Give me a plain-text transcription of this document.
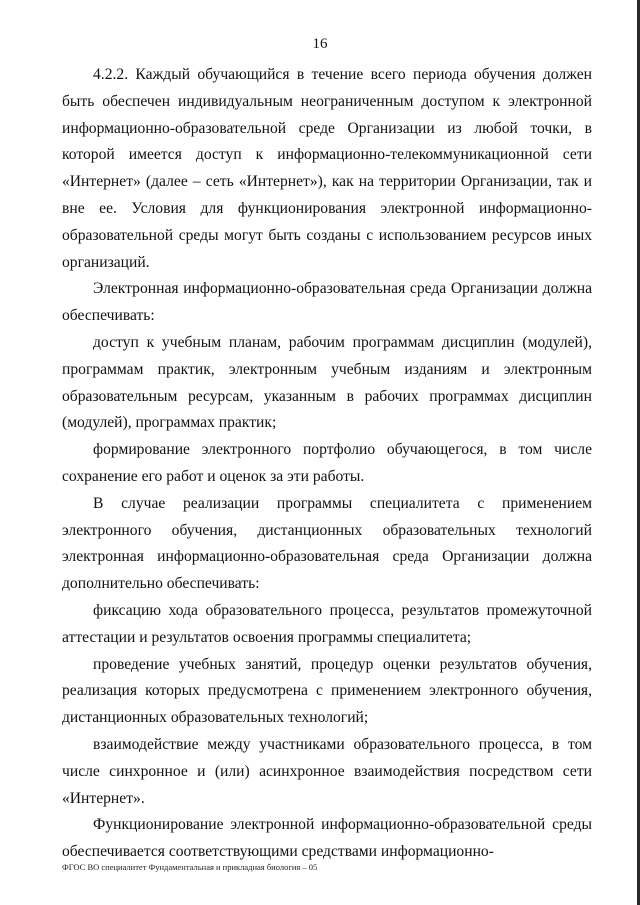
16

4.2.2. Каждый обучающийся в течение всего периода обучения должен быть обеспечен индивидуальным неограниченным доступом к электронной информационно-образовательной среде Организации из любой точки, в которой имеется доступ к информационно-телекоммуникационной сети «Интернет» (далее – сеть «Интернет»), как на территории Организации, так и вне ее. Условия для функционирования электронной информационно-образовательной среды могут быть созданы с использованием ресурсов иных организаций.

Электронная информационно-образовательная среда Организации должна обеспечивать:

доступ к учебным планам, рабочим программам дисциплин (модулей), программам практик, электронным учебным изданиям и электронным образовательным ресурсам, указанным в рабочих программах дисциплин (модулей), программах практик;

формирование электронного портфолио обучающегося, в том числе сохранение его работ и оценок за эти работы.

В случае реализации программы специалитета с применением электронного обучения, дистанционных образовательных технологий электронная информационно-образовательная среда Организации должна дополнительно обеспечивать:

фиксацию хода образовательного процесса, результатов промежуточной аттестации и результатов освоения программы специалитета;

проведение учебных занятий, процедур оценки результатов обучения, реализация которых предусмотрена с применением электронного обучения, дистанционных образовательных технологий;

взаимодействие между участниками образовательного процесса, в том числе синхронное и (или) асинхронное взаимодействия посредством сети «Интернет».

Функционирование электронной информационно-образовательной среды обеспечивается соответствующими средствами информационно-

ФГОС ВО специалитет Фундаментальная и прикладная биология – 05
